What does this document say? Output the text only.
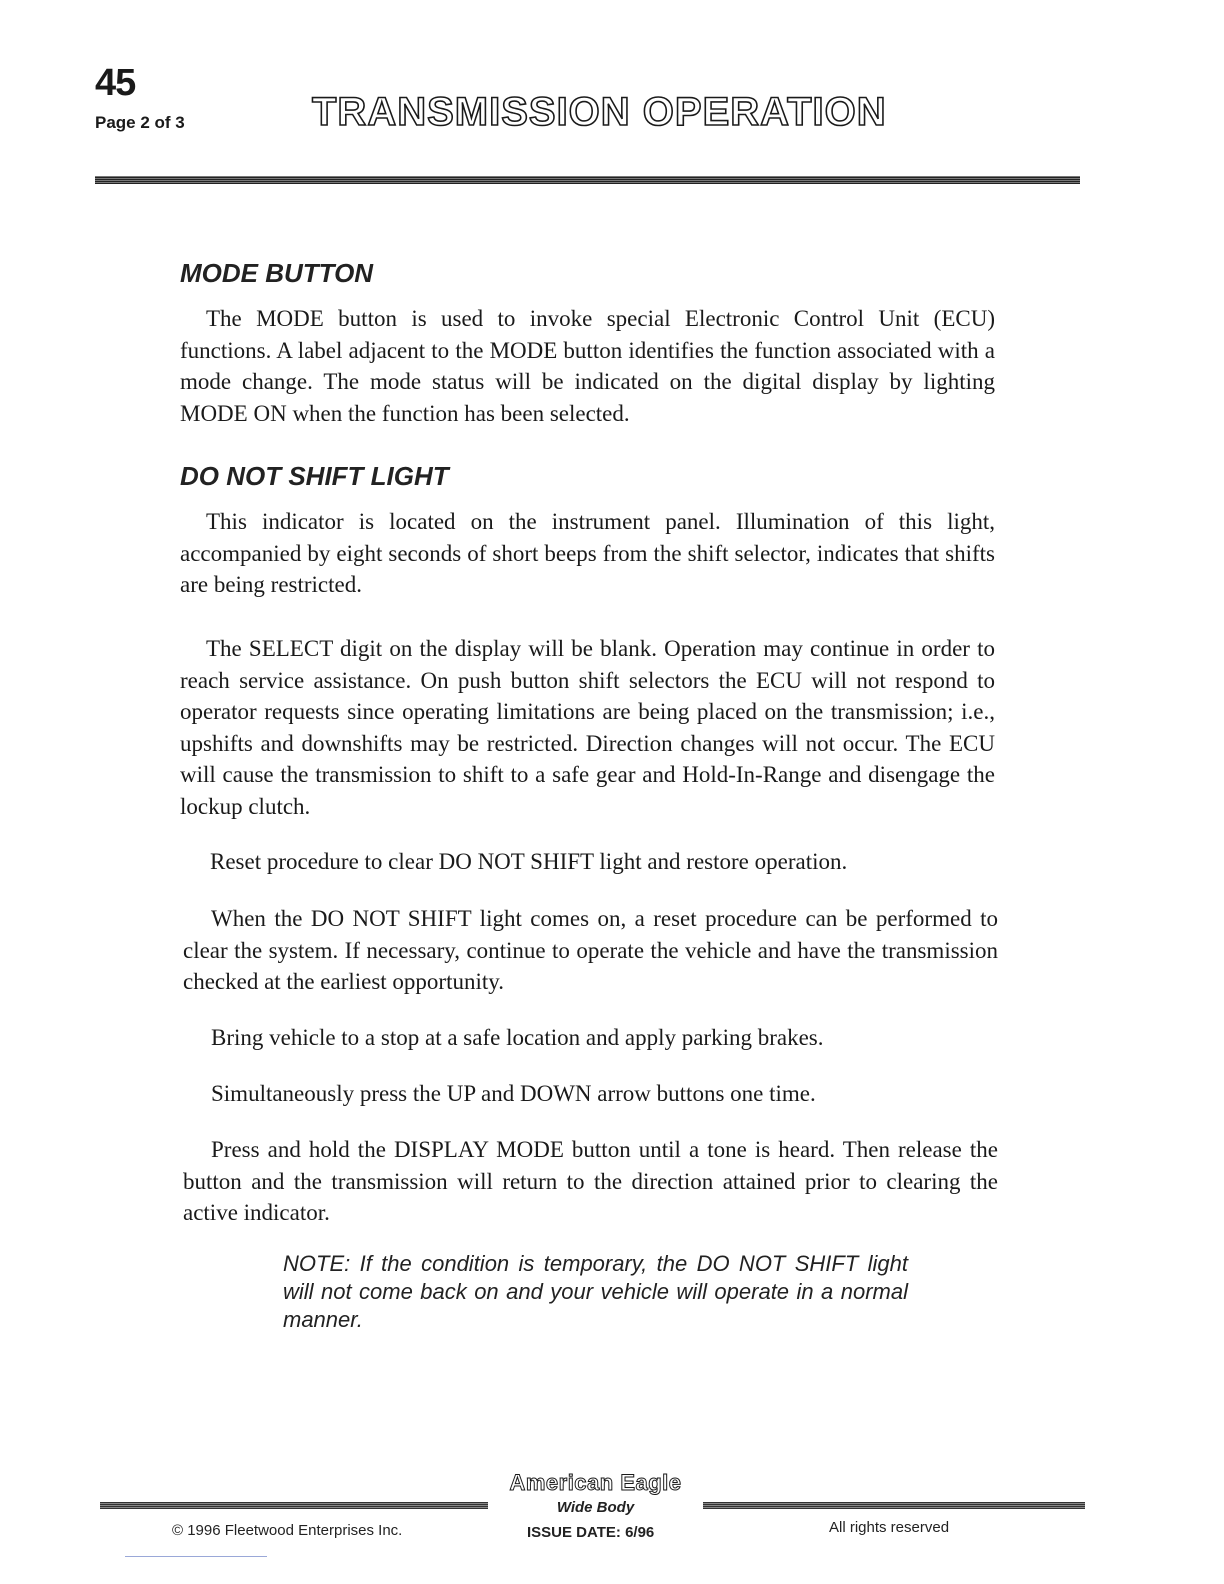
45
Page 2 of 3	TRANSMISSION OPERATION
MODE BUTTON
The MODE button is used to invoke special Electronic Control Unit (ECU) functions. A label adjacent to the MODE button identifies the function associated with a mode change. The mode status will be indicated on the digital display by lighting MODE ON when the function has been selected.
DO NOT SHIFT LIGHT
This indicator is located on the instrument panel. Illumination of this light, accompanied by eight seconds of short beeps from the shift selector, indicates that shifts are being restricted.
The SELECT digit on the display will be blank. Operation may continue in order to reach service assistance. On push button shift selectors the ECU will not respond to operator requests since operating limitations are being placed on the transmission; i.e., upshifts and downshifts may be restricted. Direction changes will not occur. The ECU will cause the transmission to shift to a safe gear and Hold-In-Range and disengage the lockup clutch.
Reset procedure to clear DO NOT SHIFT light and restore operation.
When the DO NOT SHIFT light comes on, a reset procedure can be performed to clear the system. If necessary, continue to operate the vehicle and have the transmission checked at the earliest opportunity.
Bring vehicle to a stop at a safe location and apply parking brakes.
Simultaneously press the UP and DOWN arrow buttons one time.
Press and hold the DISPLAY MODE button until a tone is heard. Then release the button and the transmission will return to the direction attained prior to clearing the active indicator.
NOTE: If the condition is temporary, the DO NOT SHIFT light will not come back on and your vehicle will operate in a normal manner.
American Eagle
Wide Body
© 1996 Fleetwood Enterprises Inc.	ISSUE DATE: 6/96	All rights reserved
